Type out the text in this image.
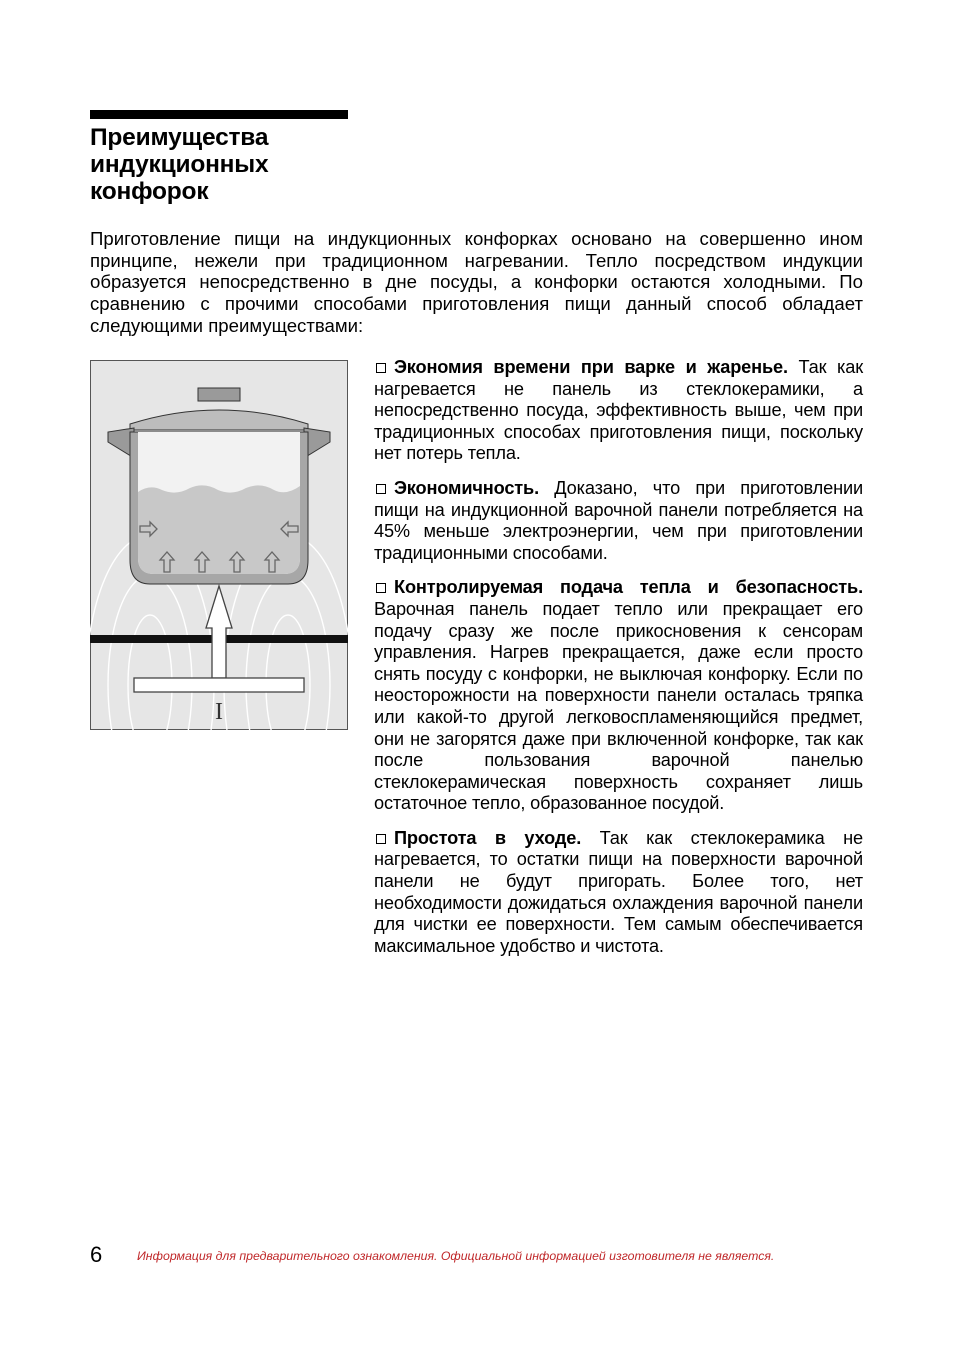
Преимущества
индукционных
конфорок

Приготовление пищи на индукционных конфорках основано на совершенно ином принципе, нежели при традиционном нагревании. Тепло посредством индукции образуется непосредственно в дне посуды, а конфорки остаются холодными. По сравнению с прочими способами приготовления пищи данный способ обладает следующими преимуществами:

I

Экономия времени при варке и жаренье. Так как нагревается не панель из стеклокерамики, а непосредственно посуда, эффективность выше, чем при традиционных способах приготовления пищи, поскольку нет потерь тепла.

Экономичность. Доказано, что при приготовлении пищи на индукционной варочной панели потребляется на 45% меньше электроэнергии, чем при приготовлении традиционными способами.

Контролируемая подача тепла и безопасность. Варочная панель подает тепло или прекращает его подачу сразу же после прикосновения к сенсорам управления. Нагрев прекращается, даже если просто снять посуду с конфорки, не выключая конфорку. Если по неосторожности на поверхности панели осталась тряпка или какой-то другой легковоспламеняющийся предмет, они не загорятся даже при включенной конфорке, так как после пользования варочной панелью стеклокерамическая поверхность сохраняет лишь остаточное тепло, образованное посудой.

Простота в уходе. Так как стеклокерамика не нагревается, то остатки пищи на поверхности варочной панели не будут пригорать. Более того, нет необходимости дожидаться охлаждения варочной панели для чистки ее поверхности. Тем самым обеспечивается максимальное удобство и чистота.

6	Информация для предварительного ознакомления. Официальной информацией изготовителя не является.
